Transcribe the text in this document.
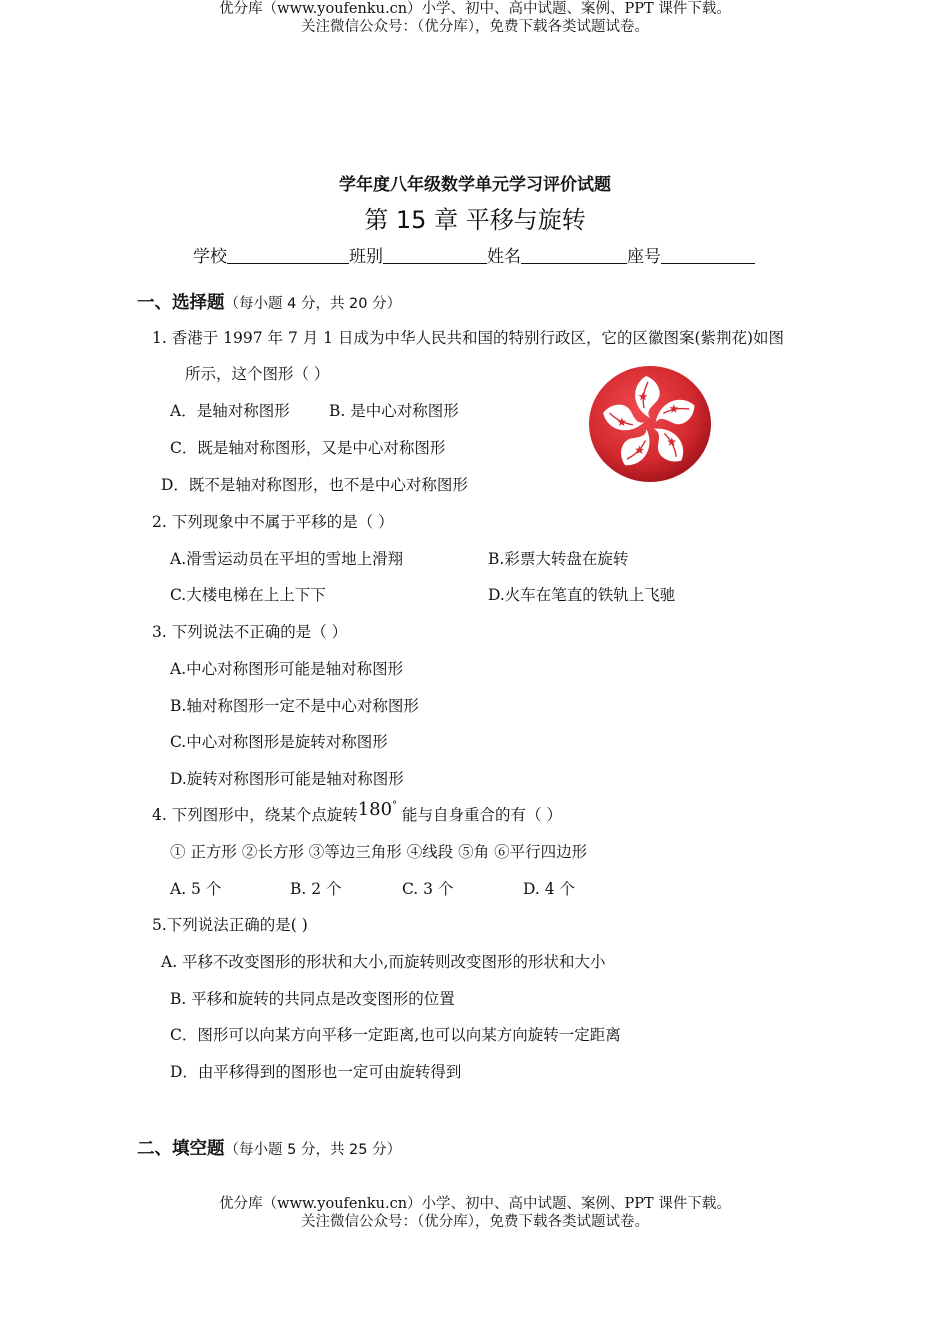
优分库（www.youfenku.cn）小学、初中、高中试题、案例、PPT 课件下载。
关注微信公众号：（优分库），免费下载各类试题试卷。
学年度八年级数学单元学习评价试题
第 15 章 平移与旋转
学校	班别	姓名	座号
一、选择题（每小题 4 分，共 20 分）
1. 香港于 1997 年 7 月 1 日成为中华人民共和国的特别行政区，它的区徽图案(紫荆花)如图
所示，这个图形（ ）
A．是轴对称图形	B. 是中心对称图形
C．既是轴对称图形，又是中心对称图形
D．既不是轴对称图形，也不是中心对称图形
2. 下列现象中不属于平移的是（ ）
A.滑雪运动员在平坦的雪地上滑翔	B.彩票大转盘在旋转
C.大楼电梯在上上下下	D.火车在笔直的铁轨上飞驰
3. 下列说法不正确的是（ ）
A.中心对称图形可能是轴对称图形
B.轴对称图形一定不是中心对称图形
C.中心对称图形是旋转对称图形
D.旋转对称图形可能是轴对称图形
4. 下列图形中，绕某个点旋转180° 能与自身重合的有（ ）
① 正方形 ②长方形 ③等边三角形 ④线段 ⑤角 ⑥平行四边形
A. 5 个	B. 2 个	C. 3 个	D. 4 个
5.下列说法正确的是( )
A. 平移不改变图形的形状和大小,而旋转则改变图形的形状和大小
B. 平移和旋转的共同点是改变图形的位置
C．图形可以向某方向平移一定距离,也可以向某方向旋转一定距离
D．由平移得到的图形也一定可由旋转得到
二、填空题（每小题 5 分，共 25 分）
优分库（www.youfenku.cn）小学、初中、高中试题、案例、PPT 课件下载。
关注微信公众号：（优分库），免费下载各类试题试卷。
